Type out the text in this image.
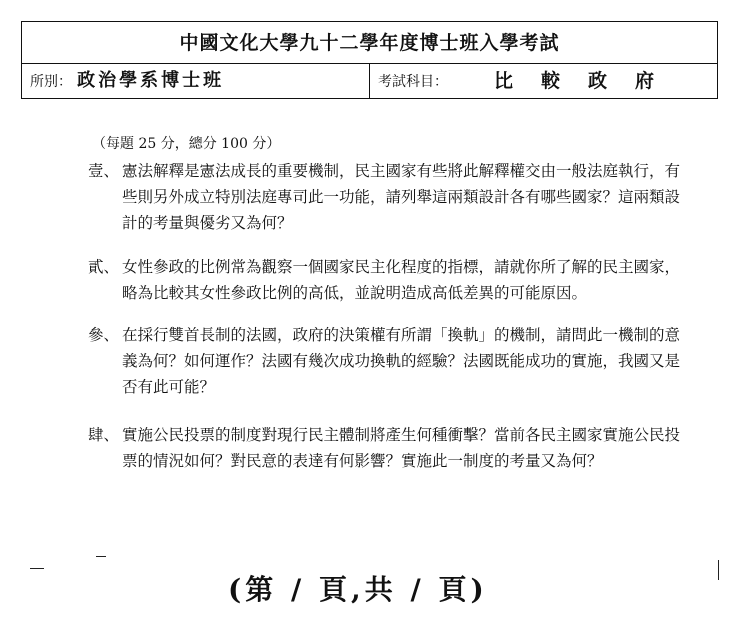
中國文化大學九十二學年度博士班入學考試
所別： 政治學系博士班	考試科目： 比較政府
（每題 25 分，總分 100 分）
壹、 憲法解釋是憲法成長的重要機制，民主國家有些將此解釋權交由一般法庭執行，有些則另外成立特別法庭專司此一功能，請列舉這兩類設計各有哪些國家？這兩類設計的考量與優劣又為何？
貳、 女性參政的比例常為觀察一個國家民主化程度的指標，請就你所了解的民主國家，略為比較其女性參政比例的高低，並說明造成高低差異的可能原因。
參、 在採行雙首長制的法國，政府的決策權有所謂「換軌」的機制，請問此一機制的意義為何？如何運作？法國有幾次成功換軌的經驗？法國既能成功的實施，我國又是否有此可能？
肆、 實施公民投票的制度對現行民主體制將產生何種衝擊？當前各民主國家實施公民投票的情況如何？對民意的表達有何影響？實施此一制度的考量又為何？
(第 / 頁,共 / 頁)
